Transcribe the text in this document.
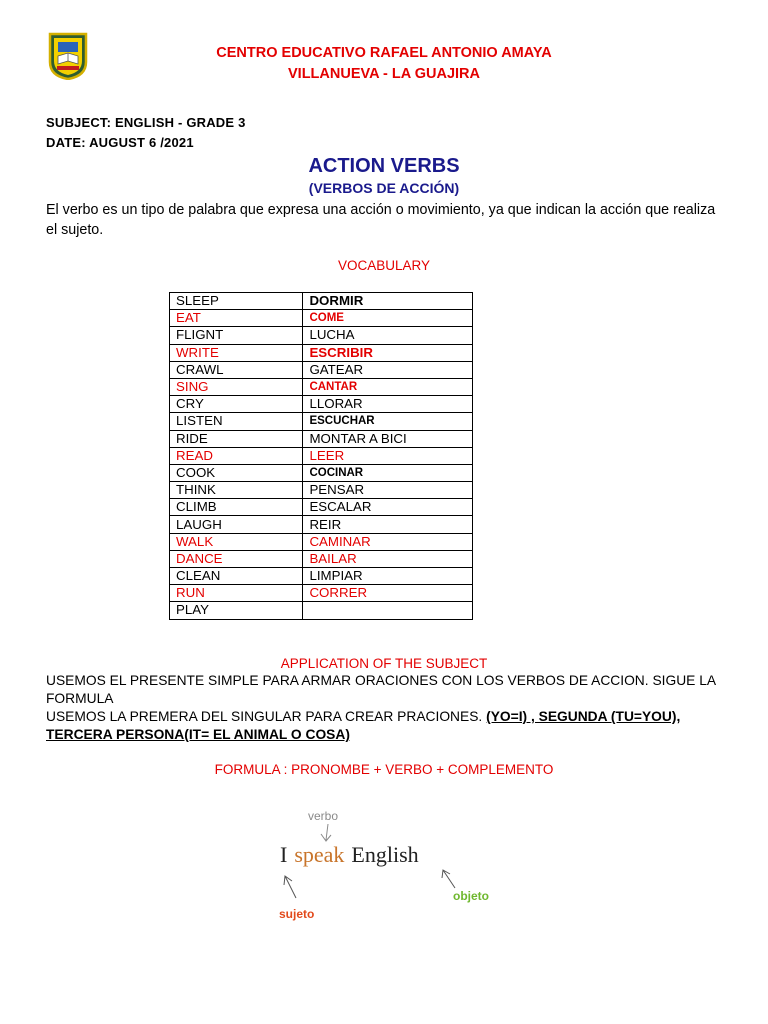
CENTRO EDUCATIVO RAFAEL ANTONIO AMAYA
VILLANUEVA - LA GUAJIRA
SUBJECT: ENGLISH - GRADE 3
DATE: AUGUST 6 /2021
ACTION VERBS
(VERBOS DE ACCIÓN)
El verbo es un tipo de palabra que expresa una acción o movimiento, ya que indican la acción que realiza el sujeto.
VOCABULARY
SLEEP	DORMIR
EAT	COME
FLIGNT	LUCHA
WRITE	ESCRIBIR
CRAWL	GATEAR
SING	CANTAR
CRY	LLORAR
LISTEN	ESCUCHAR
RIDE	MONTAR A BICI
READ	LEER
COOK	COCINAR
THINK	PENSAR
CLIMB	ESCALAR
LAUGH	REIR
WALK	CAMINAR
DANCE	BAILAR
CLEAN	LIMPIAR
RUN	CORRER
PLAY	
APPLICATION OF THE SUBJECT
USEMOS EL PRESENTE SIMPLE PARA ARMAR ORACIONES CON LOS VERBOS DE ACCION. SIGUE LA FORMULA
USEMOS LA PREMERA DEL SINGULAR PARA CREAR PRACIONES. (YO=I) , SEGUNDA (TU=YOU),
TERCERA PERSONA(IT= EL ANIMAL O COSA)
FORMULA : PRONOMBE + VERBO + COMPLEMENTO
verbo
I speak English
sujeto
objeto
